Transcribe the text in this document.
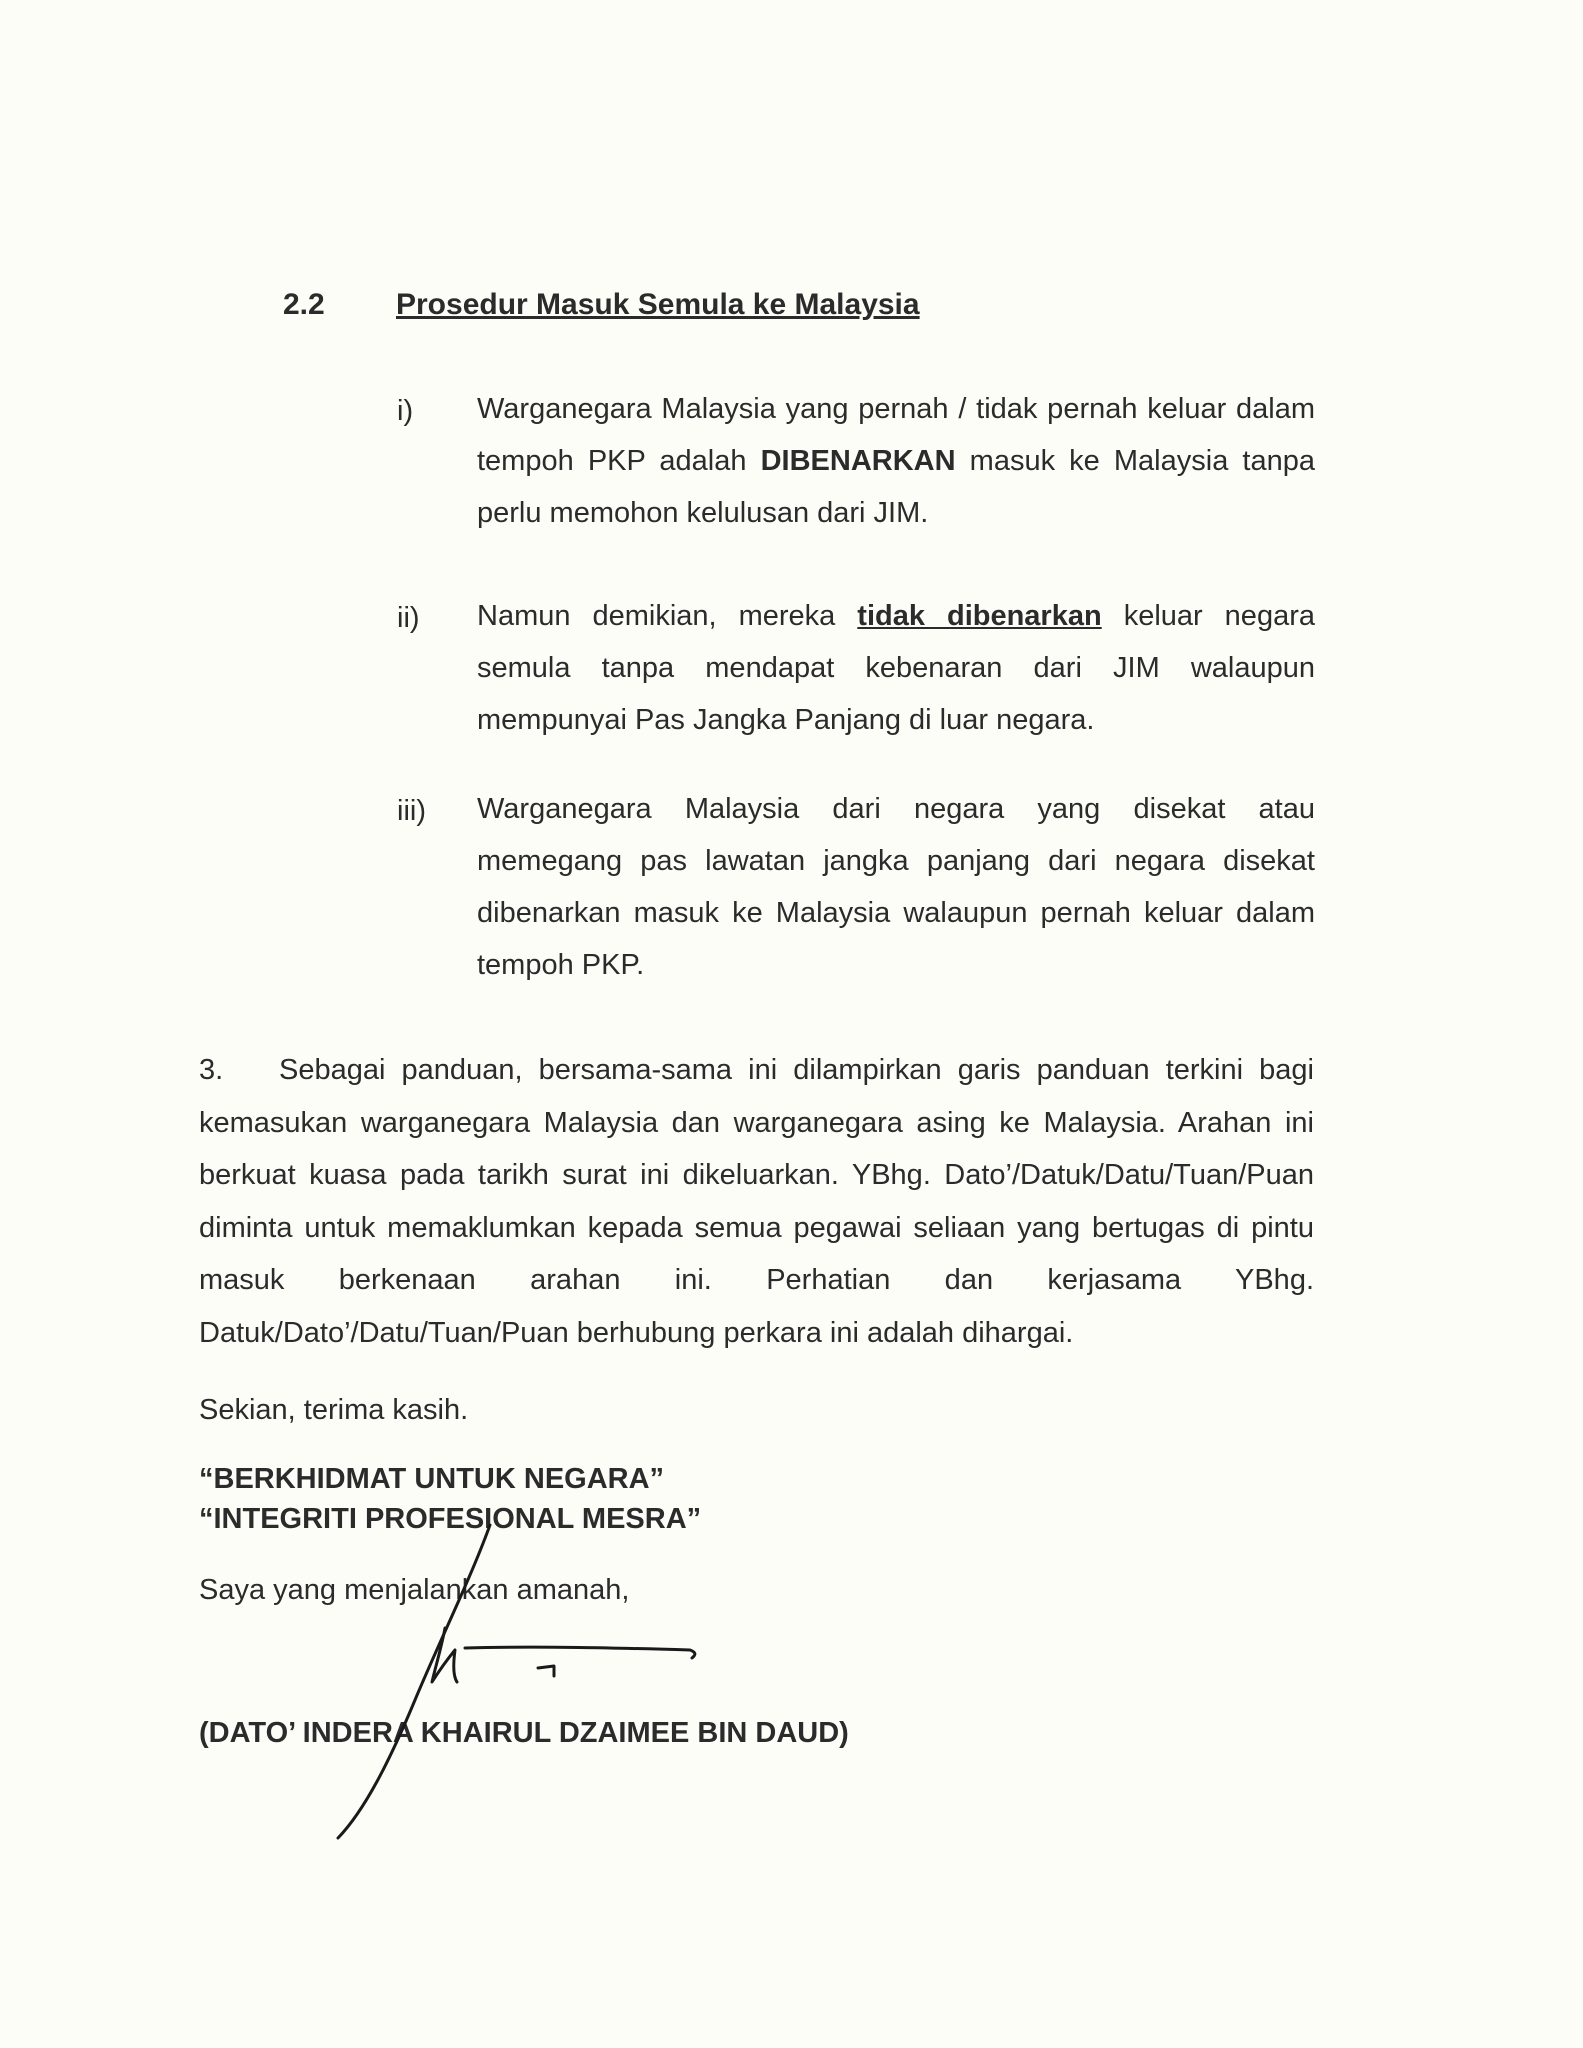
2.2 Prosedur Masuk Semula ke Malaysia
i) Warganegara Malaysia yang pernah / tidak pernah keluar dalam tempoh PKP adalah DIBENARKAN masuk ke Malaysia tanpa perlu memohon kelulusan dari JIM.
ii) Namun demikian, mereka tidak dibenarkan keluar negara semula tanpa mendapat kebenaran dari JIM walaupun mempunyai Pas Jangka Panjang di luar negara.
iii) Warganegara Malaysia dari negara yang disekat atau memegang pas lawatan jangka panjang dari negara disekat dibenarkan masuk ke Malaysia walaupun pernah keluar dalam tempoh PKP.
3. Sebagai panduan, bersama-sama ini dilampirkan garis panduan terkini bagi kemasukan warganegara Malaysia dan warganegara asing ke Malaysia. Arahan ini berkuat kuasa pada tarikh surat ini dikeluarkan. YBhg. Dato’/Datuk/Datu/Tuan/Puan diminta untuk memaklumkan kepada semua pegawai seliaan yang bertugas di pintu masuk berkenaan arahan ini. Perhatian dan kerjasama YBhg. Datuk/Dato’/Datu/Tuan/Puan berhubung perkara ini adalah dihargai.
Sekian, terima kasih.
“BERKHIDMAT UNTUK NEGARA”
“INTEGRITI PROFESIONAL MESRA”
Saya yang menjalankan amanah,
(DATO’ INDERA KHAIRUL DZAIMEE BIN DAUD)
